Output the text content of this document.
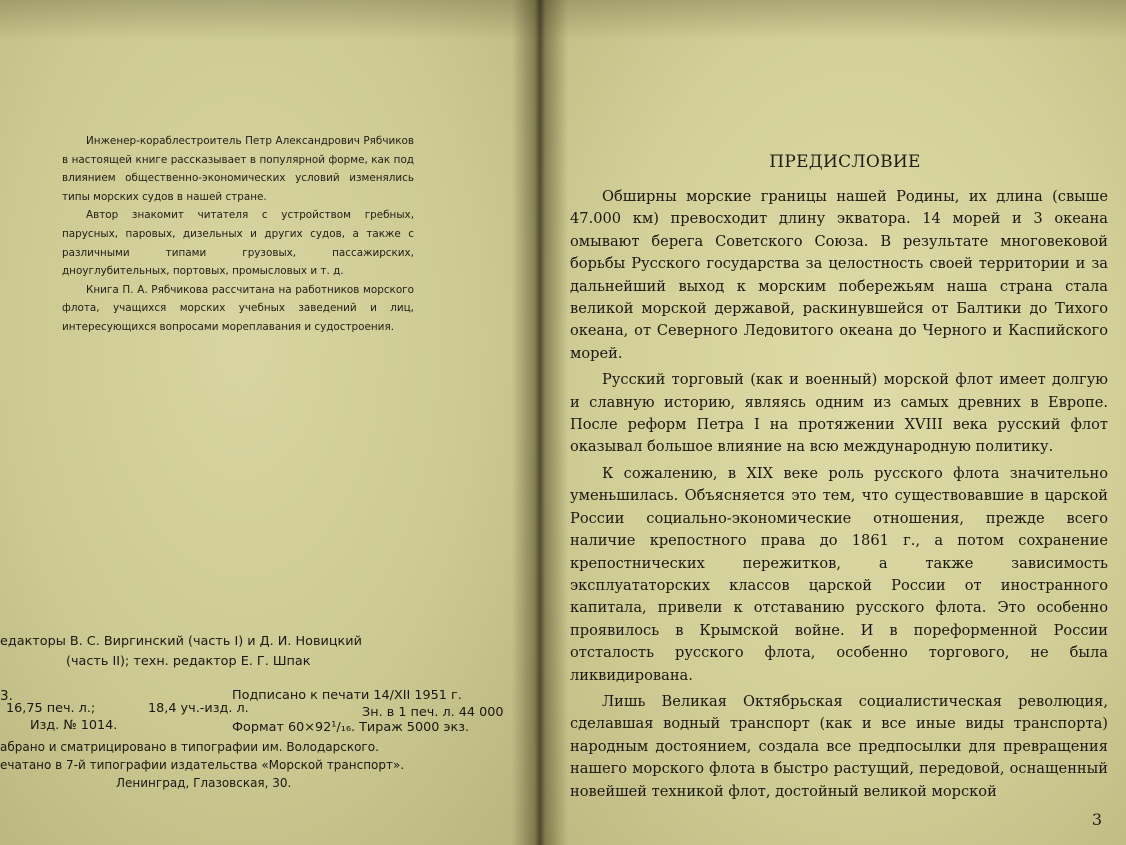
Инженер-кораблестроитель Петр Александрович Рябчиков в настоящей книге рассказывает в популярной форме, как под влиянием общественно-экономических условий изменялись типы морских судов в нашей стране.

Автор знакомит читателя с устройством гребных, парусных, паровых, дизельных и других судов, а также с различными типами грузовых, пассажирских, дноуглубительных, портовых, промысловых и т. д.

Книга П. А. Рябчикова рассчитана на работников морского флота, учащихся морских учебных заведений и лиц, интересующихся вопросами мореплавания и судостроения.

едакторы В. С. Виргинский (часть I) и Д. И. Новицкий
(часть II); техн. редактор Е. Г. Шпак
3.	Подписано к печати 14/XII 1951 г.
16,75 печ. л.;	18,4 уч.-изд. л.	Зн. в 1 печ. л. 44 000
Изд. № 1014.	Формат 60×92¹/₁₆. Тираж 5000 экз.
абрано и сматрицировано в типографии им. Володарского.
ечатано в 7-й типографии издательства «Морской транспорт».
Ленинград, Глазовская, 30.
ПРЕДИСЛОВИЕ

Обширны морские границы нашей Родины, их длина (свыше 47.000 км) превосходит длину экватора. 14 морей и 3 океана омывают берега Советского Союза. В результате многовековой борьбы Русского государства за целостность своей территории и за дальнейший выход к морским побережьям наша страна стала великой морской державой, раскинувшейся от Балтики до Тихого океана, от Северного Ледовитого океана до Черного и Каспийского морей.

Русский торговый (как и военный) морской флот имеет долгую и славную историю, являясь одним из самых древних в Европе. После реформ Петра I на протяжении XVIII века русский флот оказывал большое влияние на всю международную политику.

К сожалению, в XIX веке роль русского флота значительно уменьшилась. Объясняется это тем, что существовавшие в царской России социально-экономические отношения, прежде всего наличие крепостного права до 1861 г., а потом сохранение крепостнических пережитков, а также зависимость эксплуататорских классов царской России от иностранного капитала, привели к отставанию русского флота. Это особенно проявилось в Крымской войне. И в пореформенной России отсталость русского флота, особенно торгового, не была ликвидирована.

Лишь Великая Октябрьская социалистическая революция, сделавшая водный транспорт (как и все иные виды транспорта) народным достоянием, создала все предпосылки для превращения нашего морского флота в быстро растущий, передовой, оснащенный новейшей техникой флот, достойный великой морской

3
